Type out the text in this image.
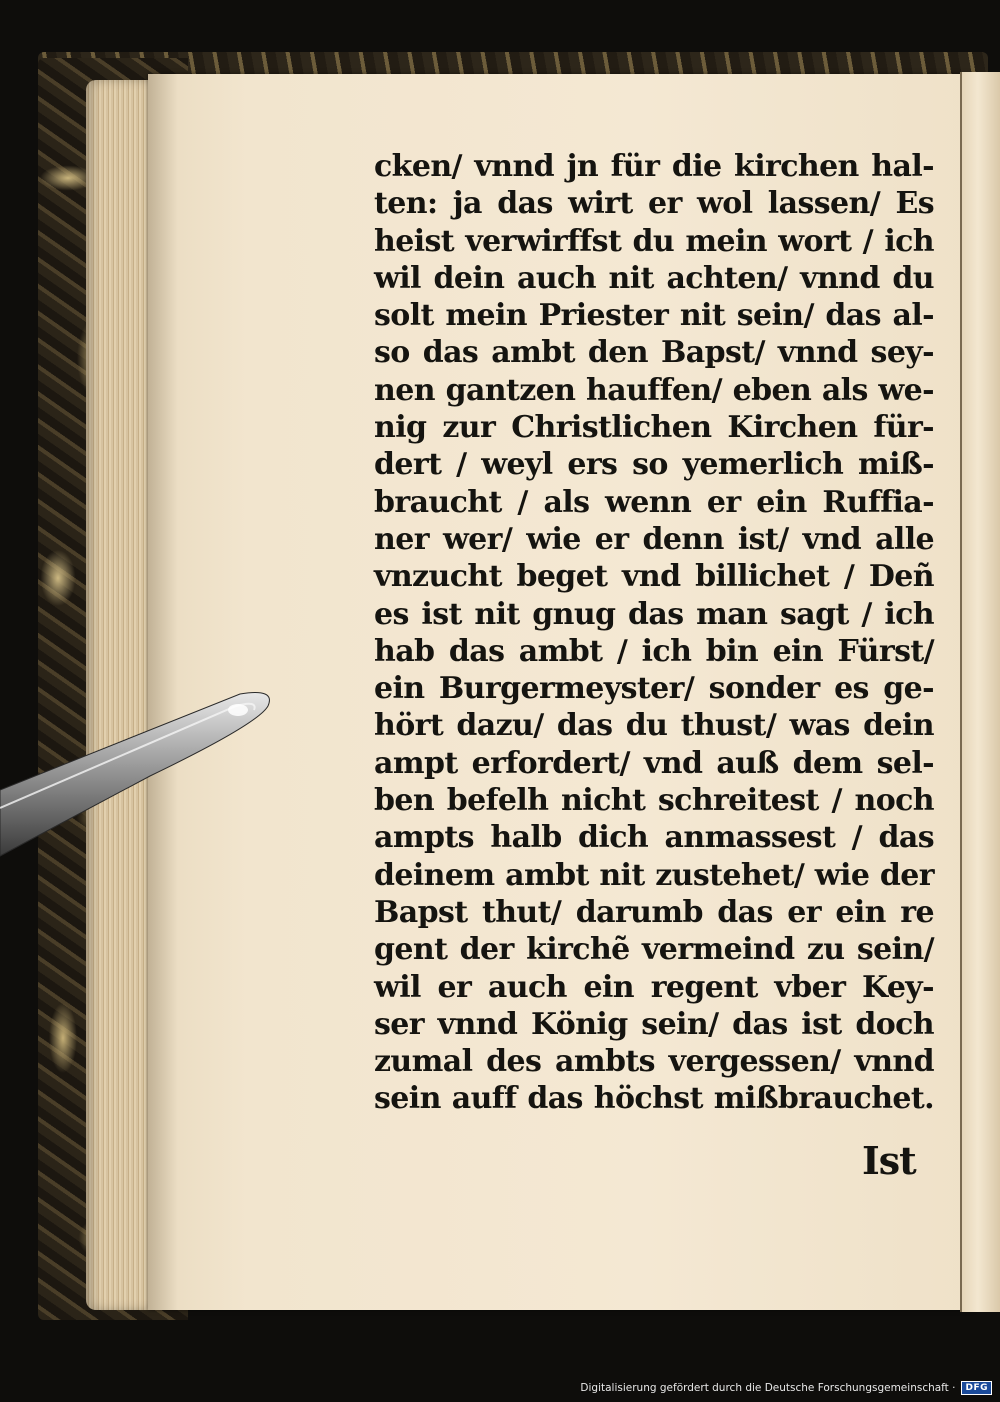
cken/ vnnd jn für die kirchen hal-
ten: ja das wirt er wol lassen/ Es
heist verwirffst du mein wort / ich
wil dein auch nit achten/ vnnd du
solt mein Priester nit sein/ das al-
so das ambt den Bapst/ vnnd sey-
nen gantzen hauffen/ eben als we-
nig zur Christlichen Kirchen für-
dert / weyl ers so yemerlich miß-
braucht / als wenn er ein Ruffia-
ner wer/ wie er denn ist/ vnd alle
vnzucht beget vnd billichet / Deñ
es ist nit gnug das man sagt / ich
hab das ambt / ich bin ein Fürst/
ein Burgermeyster/ sonder es ge-
hört dazu/ das du thust/ was dein
ampt erfordert/ vnd auß dem sel-
ben befelh nicht schreitest / noch
ampts halb dich anmassest / das
deinem ambt nit zustehet/ wie der
Bapst thut/ darumb das er ein re
gent der kirchẽ vermeind zu sein/
wil er auch ein regent vber Key-
ser vnnd König sein/ das ist doch
zumal des ambts vergessen/ vnnd
sein auff das höchst mißbrauchet.
Ist
Digitalisierung gefördert durch die Deutsche Forschungsgemeinschaft ·	DFG
